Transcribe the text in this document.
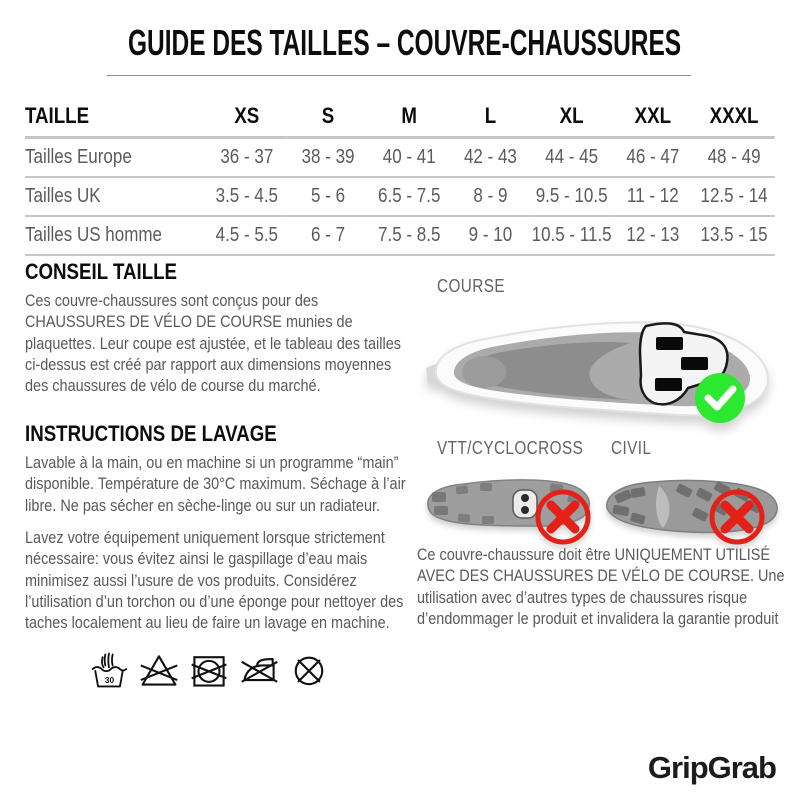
GUIDE DES TAILLES – COUVRE-CHAUSSURES
TAILLE	XS	S	M	L	XL	XXL	XXXL
Tailles Europe	36 - 37	38 - 39	40 - 41	42 - 43	44 - 45	46 - 47	48 - 49
Tailles UK	3.5 - 4.5	5 - 6	6.5 - 7.5	8 - 9	9.5 - 10.5	11 - 12	12.5 - 14
Tailles US homme	4.5 - 5.5	6 - 7	7.5 - 8.5	9 - 10	10.5 - 11.5	12 - 13	13.5 - 15
CONSEIL TAILLE
Ces couvre-chaussures sont conçus pour des CHAUSSURES DE VÉLO DE COURSE munies de plaquettes. Leur coupe est ajustée, et le tableau des tailles ci-dessus est créé par rapport aux dimensions moyennes des chaussures de vélo de course du marché.
INSTRUCTIONS DE LAVAGE
Lavable à la main, ou en machine si un programme “main” disponible. Température de 30°C maximum. Séchage à l’air libre. Ne pas sécher en sèche-linge ou sur un radiateur.
Lavez votre équipement uniquement lorsque strictement nécessaire: vous évitez ainsi le gaspillage d’eau mais minimisez aussi l’usure de vos produits. Considérez l’utilisation d’un torchon ou d’une éponge pour nettoyer des taches localement au lieu de faire un lavage en machine.
30
COURSE
VTT/CYCLOCROSS CIVIL
Ce couvre-chaussure doit être UNIQUEMENT UTILISÉ AVEC DES CHAUSSURES DE VÉLO DE COURSE. Une utilisation avec d’autres types de chaussures risque d’endommager le produit et invalidera la garantie produit
GripGrab
